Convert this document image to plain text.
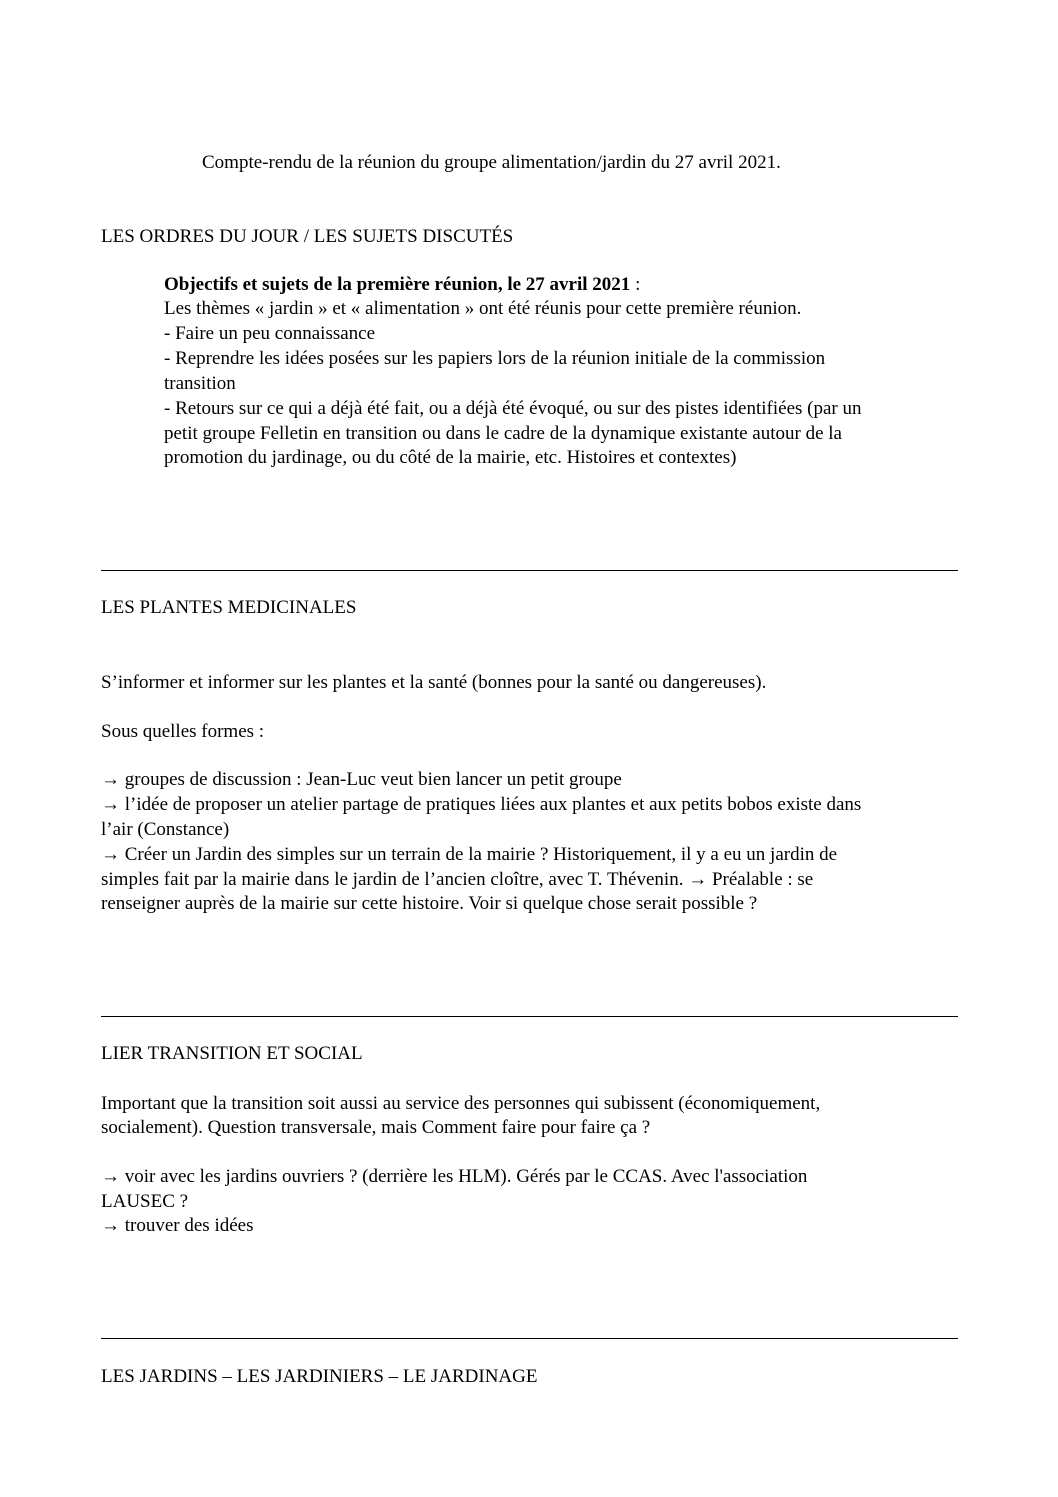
Compte-rendu de la réunion du groupe alimentation/jardin du 27 avril 2021.
LES ORDRES DU JOUR / LES SUJETS DISCUTÉS
Objectifs et sujets de la première réunion, le 27 avril 2021 :
Les thèmes « jardin » et « alimentation » ont été réunis pour cette première réunion.
- Faire un peu connaissance
- Reprendre les idées posées sur les papiers lors de la réunion initiale de la commission
transition
- Retours sur ce qui a déjà été fait, ou a déjà été évoqué, ou sur des pistes identifiées (par un
petit groupe Felletin en transition ou dans le cadre de la dynamique existante autour de la
promotion du jardinage, ou du côté de la mairie, etc. Histoires et contextes)
LES PLANTES MEDICINALES
S’informer et informer sur les plantes et la santé (bonnes pour la santé ou dangereuses).
Sous quelles formes :
→ groupes de discussion : Jean-Luc veut bien lancer un petit groupe
→ l’idée de proposer un atelier partage de pratiques liées aux plantes et aux petits bobos existe dans
l’air (Constance)
→ Créer un Jardin des simples sur un terrain de la mairie ? Historiquement, il y a eu un jardin de
simples fait par la mairie dans le jardin de l’ancien cloître, avec T. Thévenin. → Préalable : se
renseigner auprès de la mairie sur cette histoire. Voir si quelque chose serait possible ?
LIER TRANSITION ET SOCIAL
Important que la transition soit aussi au service des personnes qui subissent (économiquement,
socialement). Question transversale, mais Comment faire pour faire ça ?
→ voir avec les jardins ouvriers ? (derrière les HLM). Gérés par le CCAS. Avec l'association
LAUSEC ?
→ trouver des idées
LES JARDINS – LES JARDINIERS – LE JARDINAGE
